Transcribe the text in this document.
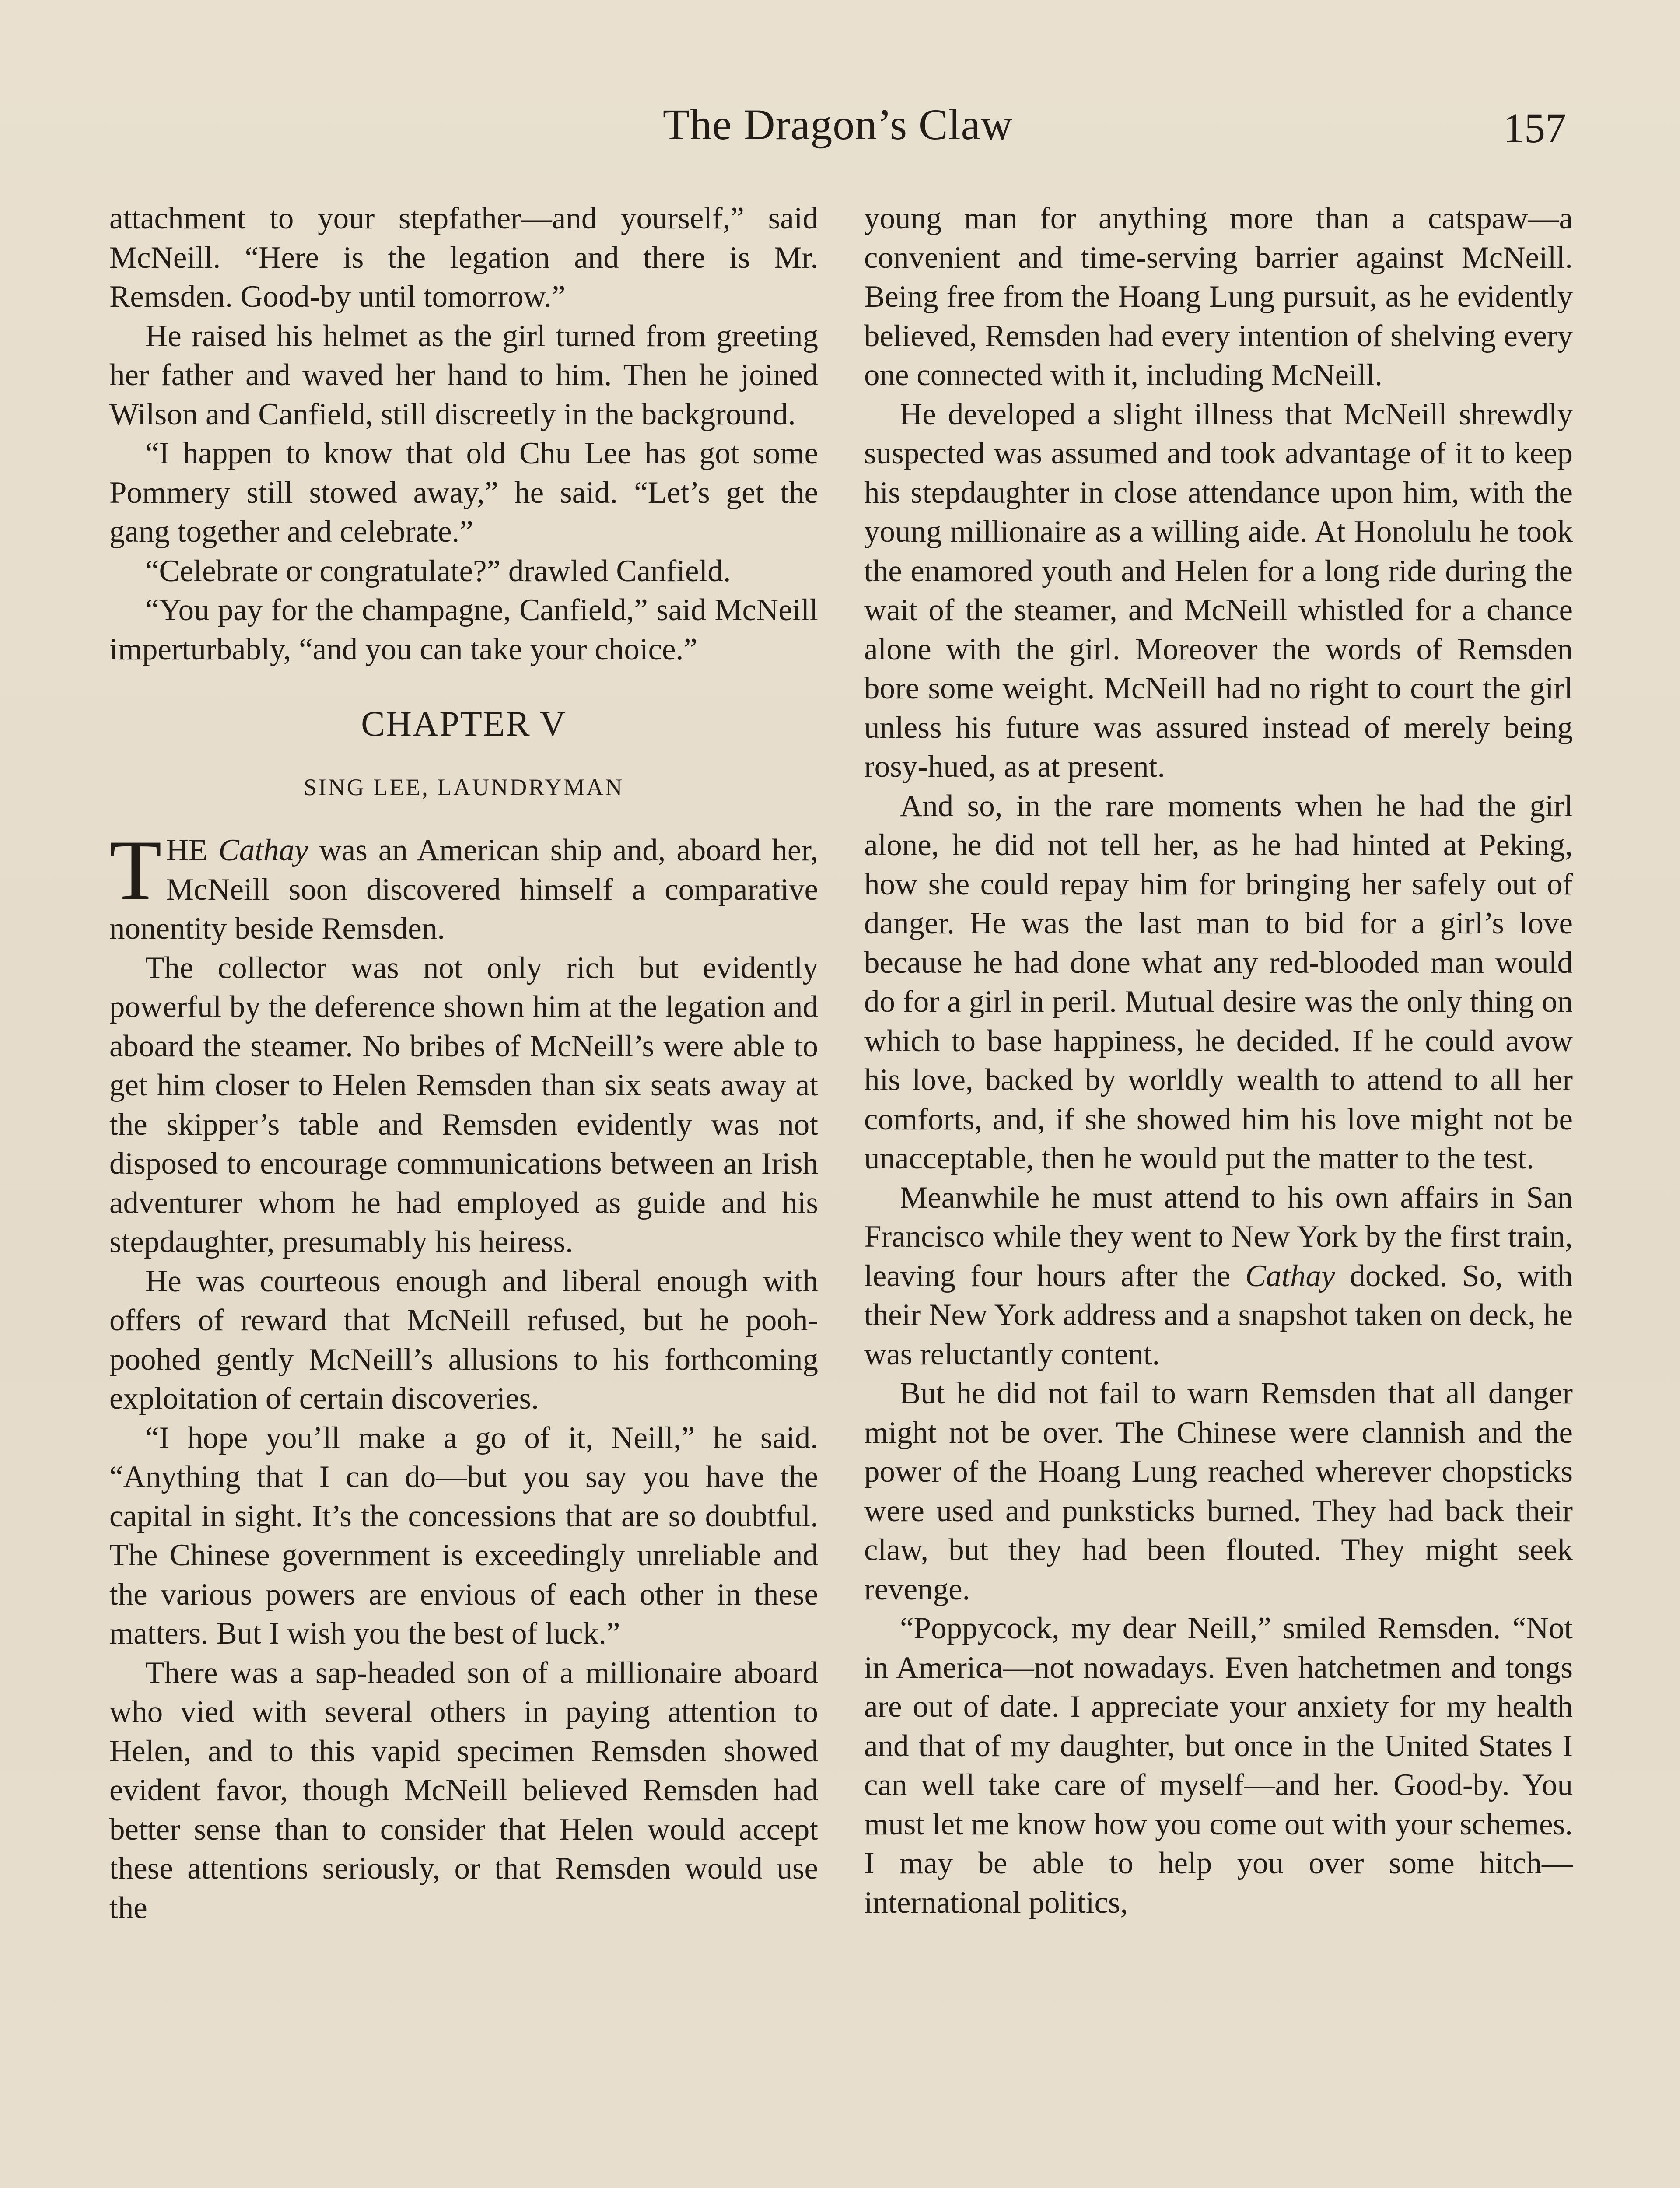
The Dragon’s Claw	157

attachment to your stepfather—and yourself,” said McNeill. “Here is the legation and there is Mr. Remsden. Good-by until tomorrow.”

He raised his helmet as the girl turned from greeting her father and waved her hand to him. Then he joined Wilson and Canfield, still discreetly in the background.

“I happen to know that old Chu Lee has got some Pommery still stowed away,” he said. “Let’s get the gang together and celebrate.”

“Celebrate or congratulate?” drawled Canfield.

“You pay for the champagne, Canfield,” said McNeill imperturbably, “and you can take your choice.”

CHAPTER V

SING LEE, LAUNDRYMAN

THE Cathay was an American ship and, aboard her, McNeill soon discovered himself a comparative nonentity beside Remsden.

The collector was not only rich but evidently powerful by the deference shown him at the legation and aboard the steamer. No bribes of McNeill’s were able to get him closer to Helen Remsden than six seats away at the skipper’s table and Remsden evidently was not disposed to encourage communications between an Irish adventurer whom he had employed as guide and his stepdaughter, presumably his heiress.

He was courteous enough and liberal enough with offers of reward that McNeill refused, but he pooh-poohed gently McNeill’s allusions to his forthcoming exploitation of certain discoveries.

“I hope you’ll make a go of it, Neill,” he said. “Anything that I can do—but you say you have the capital in sight. It’s the concessions that are so doubtful. The Chinese government is exceedingly unreliable and the various powers are envious of each other in these matters. But I wish you the best of luck.”

There was a sap-headed son of a millionaire aboard who vied with several others in paying attention to Helen, and to this vapid specimen Remsden showed evident favor, though McNeill believed Remsden had better sense than to consider that Helen would accept these attentions seriously, or that Remsden would use the

young man for anything more than a catspaw—a convenient and time-serving barrier against McNeill. Being free from the Hoang Lung pursuit, as he evidently believed, Remsden had every intention of shelving every one connected with it, including McNeill.

He developed a slight illness that McNeill shrewdly suspected was assumed and took advantage of it to keep his stepdaughter in close attendance upon him, with the young millionaire as a willing aide. At Honolulu he took the enamored youth and Helen for a long ride during the wait of the steamer, and McNeill whistled for a chance alone with the girl. Moreover the words of Remsden bore some weight. McNeill had no right to court the girl unless his future was assured instead of merely being rosy-hued, as at present.

And so, in the rare moments when he had the girl alone, he did not tell her, as he had hinted at Peking, how she could repay him for bringing her safely out of danger. He was the last man to bid for a girl’s love because he had done what any red-blooded man would do for a girl in peril. Mutual desire was the only thing on which to base happiness, he decided. If he could avow his love, backed by worldly wealth to attend to all her comforts, and, if she showed him his love might not be unacceptable, then he would put the matter to the test.

Meanwhile he must attend to his own affairs in San Francisco while they went to New York by the first train, leaving four hours after the Cathay docked. So, with their New York address and a snapshot taken on deck, he was reluctantly content.

But he did not fail to warn Remsden that all danger might not be over. The Chinese were clannish and the power of the Hoang Lung reached wherever chopsticks were used and punksticks burned. They had back their claw, but they had been flouted. They might seek revenge.

“Poppycock, my dear Neill,” smiled Remsden. “Not in America—not nowadays. Even hatchetmen and tongs are out of date. I appreciate your anxiety for my health and that of my daughter, but once in the United States I can well take care of myself—and her. Good-by. You must let me know how you come out with your schemes. I may be able to help you over some hitch—international politics,
